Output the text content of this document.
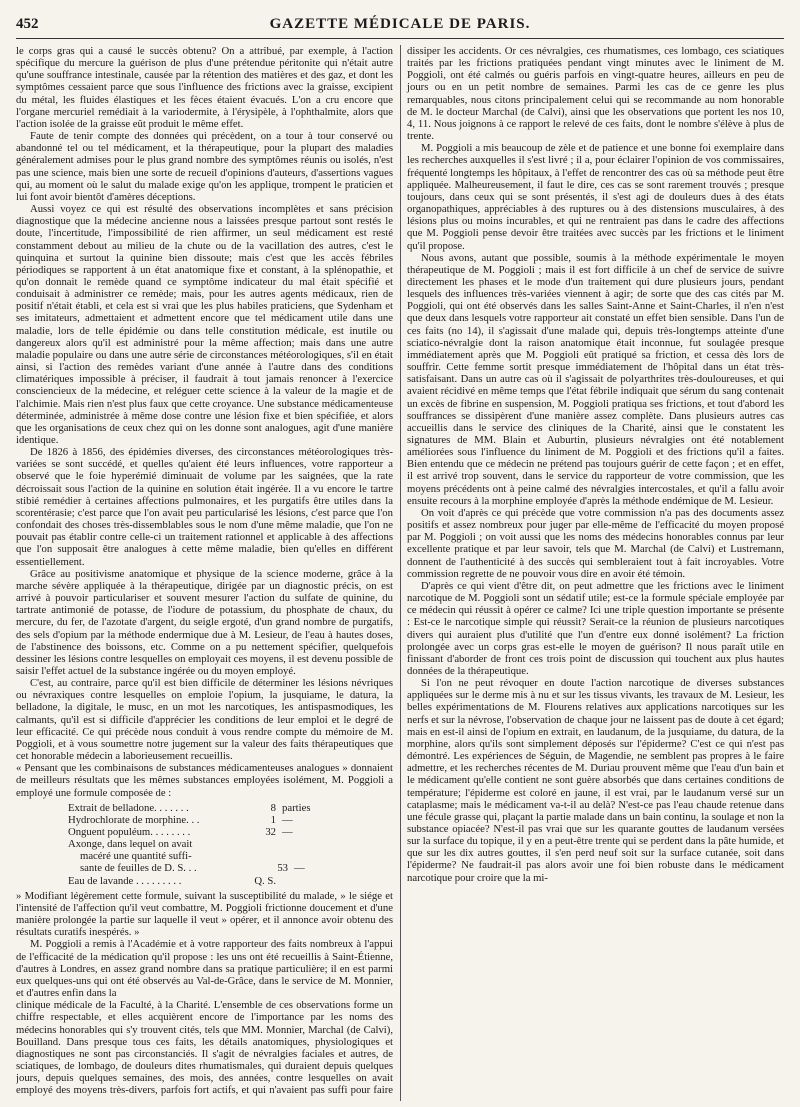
452	GAZETTE MÉDICALE DE PARIS.

le corps gras qui a causé le succès obtenu? On a attribué, par exemple, à l'action spécifique du mercure la guérison de plus d'une prétendue péritonite qui n'était autre qu'une souffrance intestinale, causée par la rétention des matières et des gaz, et dont les symptômes cessaient parce que sous l'influence des frictions avec la graisse, excipient du métal, les fluides élastiques et les fèces étaient évacués. L'on a cru encore que l'organe mercuriel remédiait à la variodermite, à l'érysipèle, à l'ophthalmite, alors que l'action isolée de la graisse eût produit le même effet.

Faute de tenir compte des données qui précèdent, on a tour à tour conservé ou abandonné tel ou tel médicament, et la thérapeutique, pour la plupart des maladies généralement admises pour le plus grand nombre des symptômes réunis ou isolés, n'est pas une science, mais bien une sorte de recueil d'opinions d'auteurs, d'assertions vagues qui, au moment où le salut du malade exige qu'on les applique, trompent le praticien et lui font avoir bientôt d'amères déceptions.

Aussi voyez ce qui est résulté des observations incomplètes et sans précision diagnostique que la médecine ancienne nous a laissées presque partout sont restés le doute, l'incertitude, l'impossibilité de rien affirmer, un seul médicament est resté constamment debout au milieu de la chute ou de la vacillation des autres, c'est le quinquina et surtout la quinine bien dissoute; mais c'est que les accès fébriles périodiques se rapportent à un état anatomique fixe et constant, à la splénopathie, et qu'on donnait le remède quand ce symptôme indicateur du mal était spécifié et conduisait à administrer ce remède; mais, pour les autres agents médicaux, rien de positif n'était établi, et cela est si vrai que les plus habiles praticiens, que Sydenham et ses imitateurs, admettaient et admettent encore que tel médicament utile dans une maladie, lors de telle épidémie ou dans telle constitution médicale, est inutile ou dangereux alors qu'il est administré pour la même affection; mais dans une autre maladie populaire ou dans une autre série de circonstances météorologiques, s'il en était ainsi, si l'action des remèdes variant d'une année à l'autre dans des conditions climatériques impossible à préciser, il faudrait à tout jamais renoncer à l'exercice consciencieux de la médecine, et reléguer cette science à la valeur de la magie et de l'alchimie. Mais rien n'est plus faux que cette croyance. Une substance médicamenteuse déterminée, administrée à même dose contre une lésion fixe et bien spécifiée, et alors que les organisations de ceux chez qui on les donne sont analogues, agit d'une manière identique.

De 1826 à 1856, des épidémies diverses, des circonstances météorologiques très-variées se sont succédé, et quelles qu'aient été leurs influences, votre rapporteur a observé que le foie hyperémié diminuait de volume par les saignées, que la rate décroissait sous l'action de la quinine en solution était ingérée. Il a vu encore le tartre stibié remédier à certaines affections pulmonaires, et les purgatifs être utiles dans la scorentérasie; c'est parce que l'on avait peu particularisé les lésions, c'est parce que l'on confondait des choses très-dissemblables sous le nom d'une même maladie, que l'on ne pouvait pas établir contre celle-ci un traitement rationnel et applicable à des affections que l'on supposait être analogues à cette même maladie, bien qu'elles en différent essentiellement.

Grâce au positivisme anatomique et physique de la science moderne, grâce à la marche sévère appliquée à la thérapeutique, dirigée par un diagnostic précis, on est arrivé à pouvoir particulariser et souvent mesurer l'action du sulfate de quinine, du tartrate antimonié de potasse, de l'iodure de potassium, du phosphate de chaux, du mercure, du fer, de l'azotate d'argent, du seigle ergoté, d'un grand nombre de purgatifs, des sels d'opium par la méthode endermique due à M. Lesieur, de l'eau à hautes doses, de l'abstinence des boissons, etc. Comme on a pu nettement spécifier, quelquefois dessiner les lésions contre lesquelles on employait ces moyens, il est devenu possible de saisir l'effet actuel de la substance ingérée ou du moyen employé.

C'est, au contraire, parce qu'il est bien difficile de déterminer les lésions névriques ou névraxiques contre lesquelles on emploie l'opium, la jusquiame, le datura, la belladone, la digitale, le musc, en un mot les narcotiques, les antispasmodiques, les calmants, qu'il est si difficile d'apprécier les conditions de leur emploi et le degré de leur efficacité. Ce qui précède nous conduit à vous rendre compte du mémoire de M. Poggioli, et à vous soumettre notre jugement sur la valeur des faits thérapeutiques que cet honorable médecin a laborieusement recueillis.

« Pensant que les combinaisons de substances médicamenteuses analogues » donnaient de meilleurs résultats que les mêmes substances employées isolément, M. Poggioli a employé une formule composée de :

Extrait de belladone. . . . . . .	8 parties
Hydrochlorate de morphine. . .	1 —
Onguent populéum. . . . . . . .	32 —
Axonge, dans lequel on avait
macéré une quantité suffi-
sante de feuilles de D. S. . .	53 —
Eau de lavande . . . . . . . . .	Q. S.

» Modifiant légèrement cette formule, suivant la susceptibilité du malade, » le siége et l'intensité de l'affection qu'il veut combattre, M. Poggioli frictionne doucement et d'une manière prolongée la partie sur laquelle il veut » opérer, et il annonce avoir obtenu des résultats curatifs inespérés. »

M. Poggioli a remis à l'Académie et à votre rapporteur des faits nombreux à l'appui de l'efficacité de la médication qu'il propose : les uns ont été recueillis à Saint-Étienne, d'autres à Londres, en assez grand nombre dans sa pratique particulière; il en est parmi eux quelques-uns qui ont été observés au Val-de-Grâce, dans le service de M. Monnier, et d'autres enfin dans la

clinique médicale de la Faculté, à la Charité. L'ensemble de ces observations forme un chiffre respectable, et elles acquièrent encore de l'importance par les noms des médecins honorables qui s'y trouvent cités, tels que MM. Monnier, Marchal (de Calvi), Bouilland. Dans presque tous ces faits, les détails anatomiques, physiologiques et diagnostiques ne sont pas circonstanciés. Il s'agit de névralgies faciales et autres, de sciatiques, de lombago, de douleurs dites rhumatismales, qui duraient depuis quelques jours, depuis quelques semaines, des mois, des années, contre lesquelles on avait employé des moyens très-divers, parfois fort actifs, et qui n'avaient pas suffi pour faire dissiper les accidents. Or ces névralgies, ces rhumatismes, ces lombago, ces sciatiques traités par les frictions pratiquées pendant vingt minutes avec le liniment de M. Poggioli, ont été calmés ou guéris parfois en vingt-quatre heures, ailleurs en peu de jours ou en un petit nombre de semaines. Parmi les cas de ce genre les plus remarquables, nous citons principalement celui qui se recommande au nom honorable de M. le docteur Marchal (de Calvi), ainsi que les observations que portent les nos 10, 4, 11. Nous joignons à ce rapport le relevé de ces faits, dont le nombre s'élève à plus de trente.

M. Poggioli a mis beaucoup de zèle et de patience et une bonne foi exemplaire dans les recherches auxquelles il s'est livré ; il a, pour éclairer l'opinion de vos commissaires, fréquenté longtemps les hôpitaux, à l'effet de rencontrer des cas où sa méthode peut être appliquée. Malheureusement, il faut le dire, ces cas se sont rarement trouvés ; presque toujours, dans ceux qui se sont présentés, il s'est agi de douleurs dues à des états organopathiques, appréciables à des ruptures ou à des distensions musculaires, à des lésions plus ou moins incurables, et qui ne rentraient pas dans le cadre des affections que M. Poggioli pense devoir être traitées avec succès par les frictions et le liniment qu'il propose.

Nous avons, autant que possible, soumis à la méthode expérimentale le moyen thérapeutique de M. Poggioli ; mais il est fort difficile à un chef de service de suivre directement les phases et le mode d'un traitement qui dure plusieurs jours, pendant lesquels des influences très-variées viennent à agir; de sorte que des cas cités par M. Poggioli, qui ont été observés dans les salles Saint-Anne et Saint-Charles, il n'en n'est que deux dans lesquels votre rapporteur ait constaté un effet bien sensible. Dans l'un de ces faits (no 14), il s'agissait d'une malade qui, depuis très-longtemps atteinte d'une sciatico-névralgie dont la raison anatomique était inconnue, fut soulagée presque immédiatement après que M. Poggioli eût pratiqué sa friction, et cessa dès lors de souffrir. Cette femme sortit presque immédiatement de l'hôpital dans un état très-satisfaisant. Dans un autre cas où il s'agissait de polyarthrites très-douloureuses, et qui avaient récidivé en même temps que l'état fébrile indiquait que sérum du sang contenait un excès de fibrine en suspension, M. Poggioli pratiqua ses frictions, et tout d'abord les souffrances se dissipèrent d'une manière assez complète. Dans plusieurs autres cas accueillis dans le service des cliniques de la Charité, ainsi que le constatent les signatures de MM. Blain et Auburtin, plusieurs névralgies ont été notablement améliorées sous l'influence du liniment de M. Poggioli et des frictions qu'il a faites. Bien entendu que ce médecin ne prétend pas toujours guérir de cette façon ; et en effet, il est arrivé trop souvent, dans le service du rapporteur de votre commission, que les moyens précédents ont à peine calmé des névralgies intercostales, et qu'il a fallu avoir ensuite recours à la morphine employée d'après la méthode endémique de M. Lesieur.

On voit d'après ce qui précède que votre commission n'a pas des documents assez positifs et assez nombreux pour juger par elle-même de l'efficacité du moyen proposé par M. Poggioli ; on voit aussi que les noms des médecins honorables connus par leur excellente pratique et par leur savoir, tels que M. Marchal (de Calvi) et Lustremann, donnent de l'authenticité à des succès qui sembleraient tout à fait incroyables. Votre commission regrette de ne pouvoir vous dire en avoir été témoin.

D'après ce qui vient d'être dit, on peut admettre que les frictions avec le liniment narcotique de M. Poggioli sont un sédatif utile; est-ce la formule spéciale employée par ce médecin qui réussit à opérer ce calme? Ici une triple question importante se présente : Est-ce le narcotique simple qui réussit? Serait-ce la réunion de plusieurs narcotiques divers qui auraient plus d'utilité que l'un d'entre eux donné isolément? La friction prolongée avec un corps gras est-elle le moyen de guérison? Il nous paraît utile en finissant d'aborder de front ces trois point de discussion qui touchent aux plus hautes données de la thérapeutique.

Si l'on ne peut révoquer en doute l'action narcotique de diverses substances appliquées sur le derme mis à nu et sur les tissus vivants, les travaux de M. Lesieur, les belles expérimentations de M. Flourens relatives aux applications narcotiques sur les nerfs et sur la névrose, l'observation de chaque jour ne laissent pas de doute à cet égard; mais en est-il ainsi de l'opium en extrait, en laudanum, de la jusquiame, du datura, de la morphine, alors qu'ils sont simplement déposés sur l'épiderme? C'est ce qui n'est pas démontré. Les expériences de Séguin, de Magendie, ne semblent pas propres à le faire admettre, et les recherches récentes de M. Duriau prouvent même que l'eau d'un bain et le médicament qu'elle contient ne sont guère absorbés que dans certaines conditions de température; l'épiderme est coloré en jaune, il est vrai, par le laudanum versé sur un cataplasme; mais le médicament va-t-il au delà? N'est-ce pas l'eau chaude retenue dans une fécule grasse qui, plaçant la partie malade dans un bain continu, la soulage et non la substance opiacée? N'est-il pas vrai que sur les quarante gouttes de laudanum versées sur la surface du topique, il y en a peut-être trente qui se perdent dans la pâte humide, et que sur les dix autres gouttes, il s'en perd neuf soit sur la surface cutanée, soit dans l'épiderme? Ne faudrait-il pas alors avoir une foi bien robuste dans le médicament narcotique pour croire que la mi-
